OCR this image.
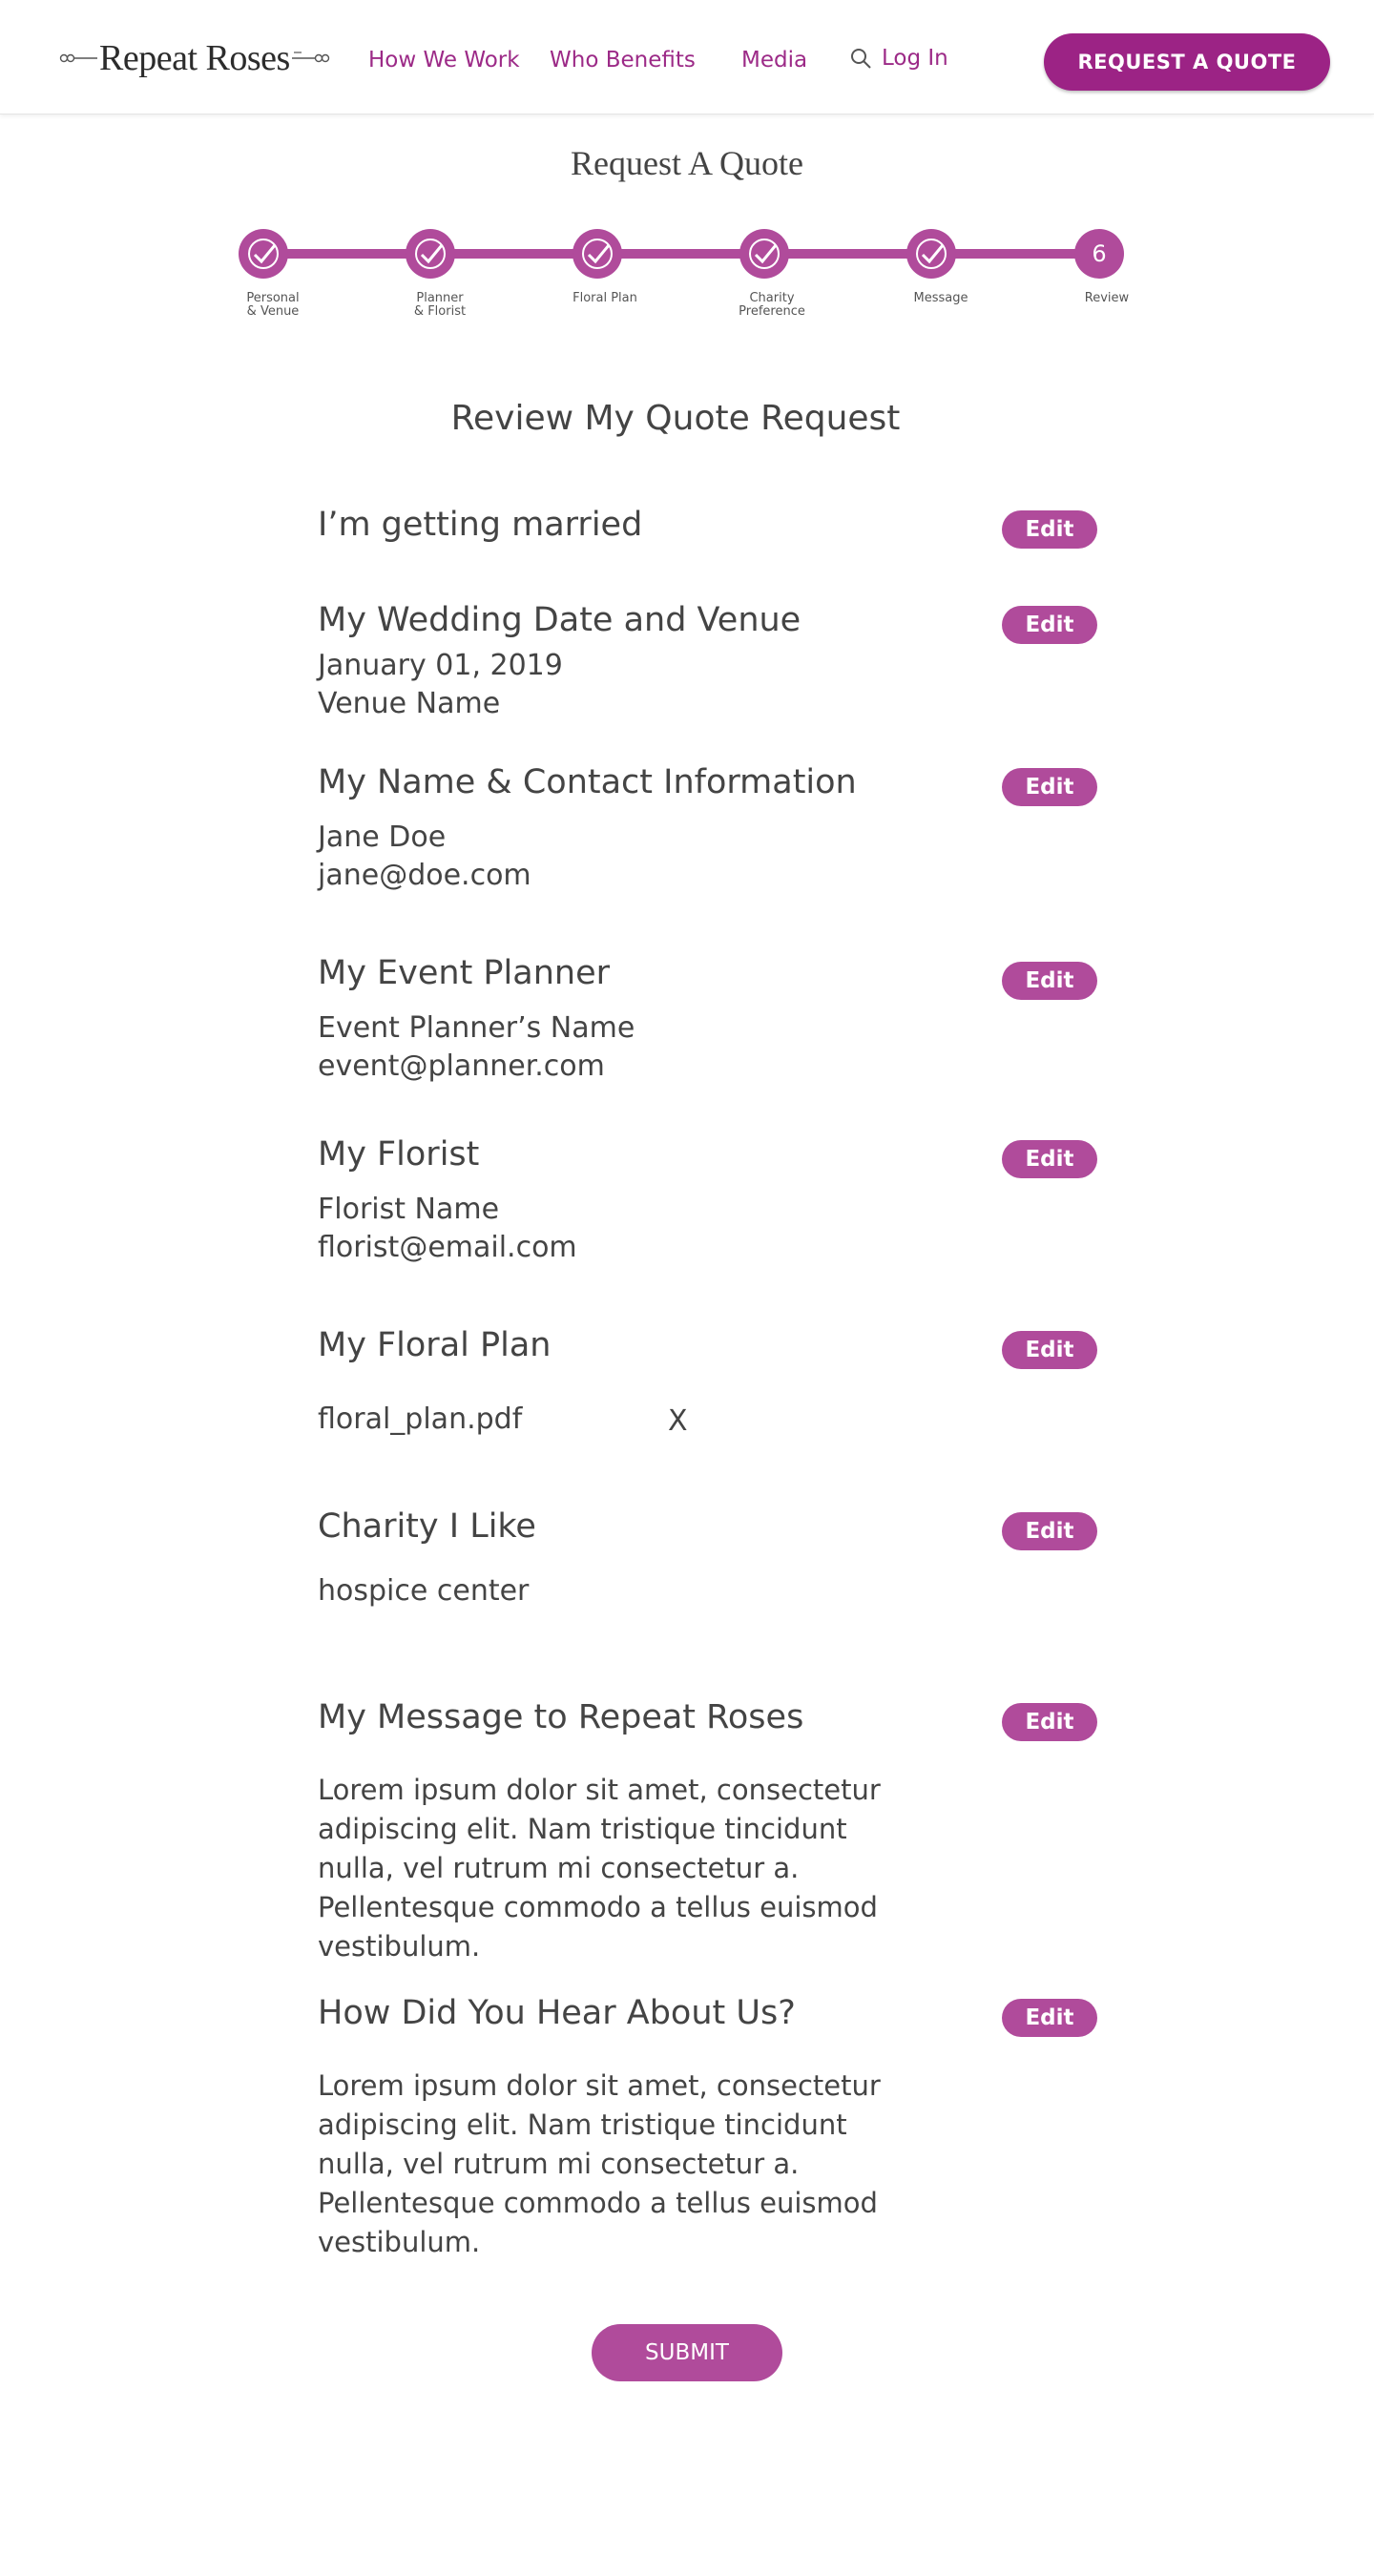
Repeat Roses	How We Work Who Benefits Media	Log In	REQUEST A QUOTE
Request A Quote
6
Personal
& Venue
Planner
& Florist
Floral Plan	Charity
Preference
Message	Review
Review My Quote Request
I’m getting married	Edit
My Wedding Date and Venue	Edit
January 01, 2019
Venue Name
My Name & Contact Information	Edit
Jane Doe
jane@doe.com
My Event Planner	Edit
Event Planner’s Name
event@planner.com
My Florist	Edit
Florist Name
florist@email.com
My Floral Plan	Edit
floral_plan.pdf	X
Charity I Like	Edit
hospice center
My Message to Repeat Roses	Edit
Lorem ipsum dolor sit amet, consectetur adipiscing elit. Nam tristique tincidunt nulla, vel rutrum mi consectetur a. Pellentesque commodo a tellus euismod vestibulum.
How Did You Hear About Us?	Edit
Lorem ipsum dolor sit amet, consectetur adipiscing elit. Nam tristique tincidunt nulla, vel rutrum mi consectetur a. Pellentesque commodo a tellus euismod vestibulum.
SUBMIT
